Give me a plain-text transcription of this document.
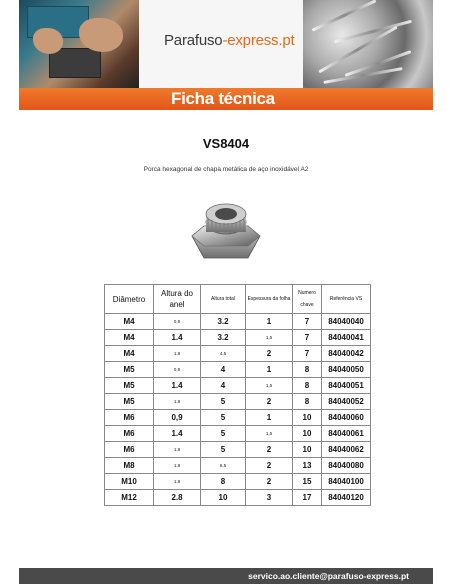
Parafuso-express.pt
Ficha técnica
VS8404
Porca hexagonal de chapa metálica de aço inoxidável A2
Diâmetro	Altura do anel	Altura total	Espessura da folha	Numero chave	Referência VS
M4	0,9	3.2	1	7	84040040
M4	1.4	3.2	1,5	7	84040041
M4	1,8	4,5	2	7	84040042
M5	0,9	4	1	8	84040050
M5	1.4	4	1,5	8	84040051
M5	1,8	5	2	8	84040052
M6	0,9	5	1	10	84040060
M6	1.4	5	1,5	10	84040061
M6	1,8	5	2	10	84040062
M8	1,8	6,5	2	13	84040080
M10	1,8	8	2	15	84040100
M12	2.8	10	3	17	84040120
servico.ao.cliente@parafuso-express.pt
